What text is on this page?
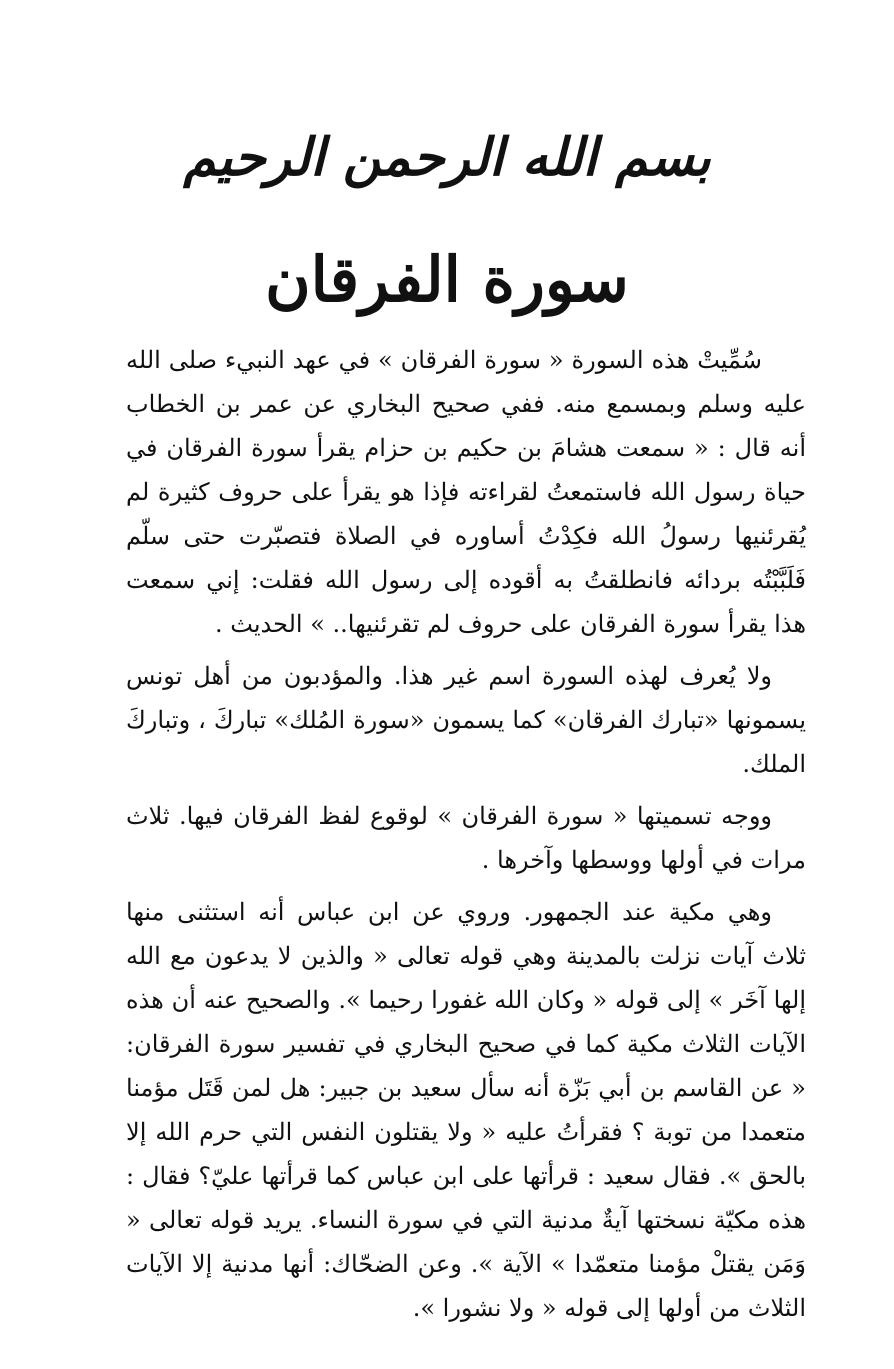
بسم الله الرحمن الرحيم
سورة الفرقان

سُمِّيتْ هذه السورة « سورة الفرقان » في عهد النبيء صلى الله عليه وسلم وبمسمع منه. ففي صحيح البخاري عن عمر بن الخطاب أنه قال : « سمعت هشامَ بن حكيم بن حزام يقرأ سورة الفرقان في حياة رسول الله فاستمعتُ لقراءته فإذا هو يقرأ على حروف كثيرة لم يُقرئنيها رسولُ الله فكِدْتُ أساوره في الصلاة فتصبّرت حتى سلّم فَلَبَّبْتُه بردائه فانطلقتُ به أقوده إلى رسول الله فقلت: إني سمعت هذا يقرأ سورة الفرقان على حروف لم تقرئنيها.. » الحديث .

ولا يُعرف لهذه السورة اسم غير هذا. والمؤدبون من أهل تونس يسمونها «تبارك الفرقان» كما يسمون «سورة المُلك» تباركَ ، وتباركَ الملك.

ووجه تسميتها « سورة الفرقان » لوقوع لفظ الفرقان فيها. ثلاث مرات في أولها ووسطها وآخرها .

وهي مكية عند الجمهور. وروي عن ابن عباس أنه استثنى منها ثلاث آيات نزلت بالمدينة وهي قوله تعالى « والذين لا يدعون مع الله إلها آخَر » إلى قوله « وكان الله غفورا رحيما ». والصحيح عنه أن هذه الآيات الثلاث مكية كما في صحيح البخاري في تفسير سورة الفرقان: « عن القاسم بن أبي بَزّة أنه سأل سعيد بن جبير: هل لمن قَتَل مؤمنا متعمدا من توبة ؟ فقرأتُ عليه « ولا يقتلون النفس التي حرم الله إلا بالحق ». فقال سعيد : قرأتها على ابن عباس كما قرأتها عليّ؟ فقال : هذه مكيّة نسختها آيةٌ مدنية التي في سورة النساء. يريد قوله تعالى « وَمَن يقتلْ مؤمنا متعمّدا » الآية ». وعن الضحّاك: أنها مدنية إلا الآيات الثلاث من أولها إلى قوله « ولا نشورا ».
